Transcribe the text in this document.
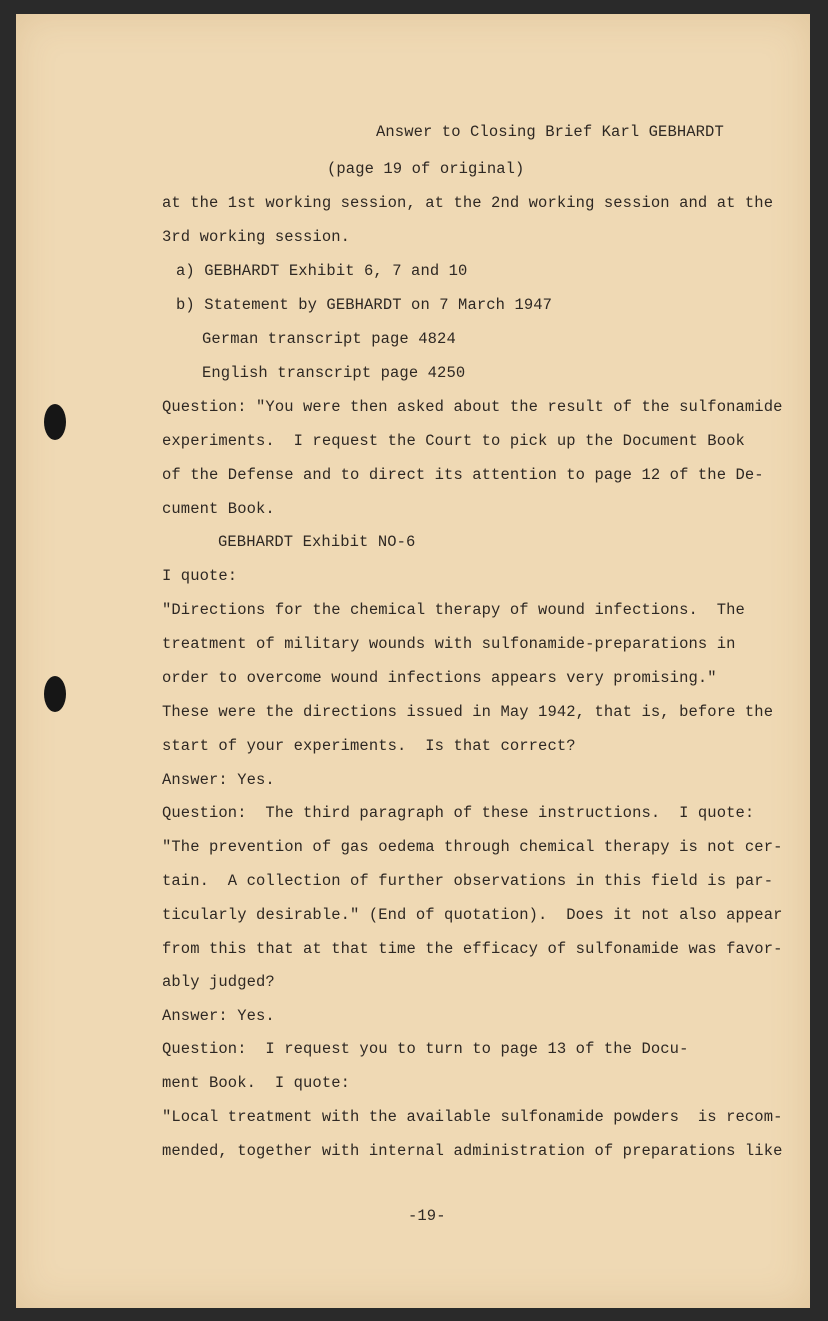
Answer to Closing Brief Karl GEBHARDT
(page 19 of original)
at the 1st working session, at the 2nd working session and at the
3rd working session.
a) GEBHARDT Exhibit 6, 7 and 10
b) Statement by GEBHARDT on 7 March 1947
German transcript page 4824
English transcript page 4250
Question: "You were then asked about the result of the sulfonamide
experiments.  I request the Court to pick up the Document Book
of the Defense and to direct its attention to page 12 of the De-
cument Book.
GEBHARDT Exhibit NO-6
I quote:
"Directions for the chemical therapy of wound infections.  The
treatment of military wounds with sulfonamide-preparations in
order to overcome wound infections appears very promising."
These were the directions issued in May 1942, that is, before the
start of your experiments.  Is that correct?
Answer: Yes.
Question:  The third paragraph of these instructions.  I quote:
"The prevention of gas oedema through chemical therapy is not cer-
tain.  A collection of further observations in this field is par-
ticularly desirable." (End of quotation).  Does it not also appear
from this that at that time the efficacy of sulfonamide was favor-
ably judged?
Answer: Yes.
Question:  I request you to turn to page 13 of the Docu-
ment Book.  I quote:
"Local treatment with the available sulfonamide powders  is recom-
mended, together with internal administration of preparations like
-19-
